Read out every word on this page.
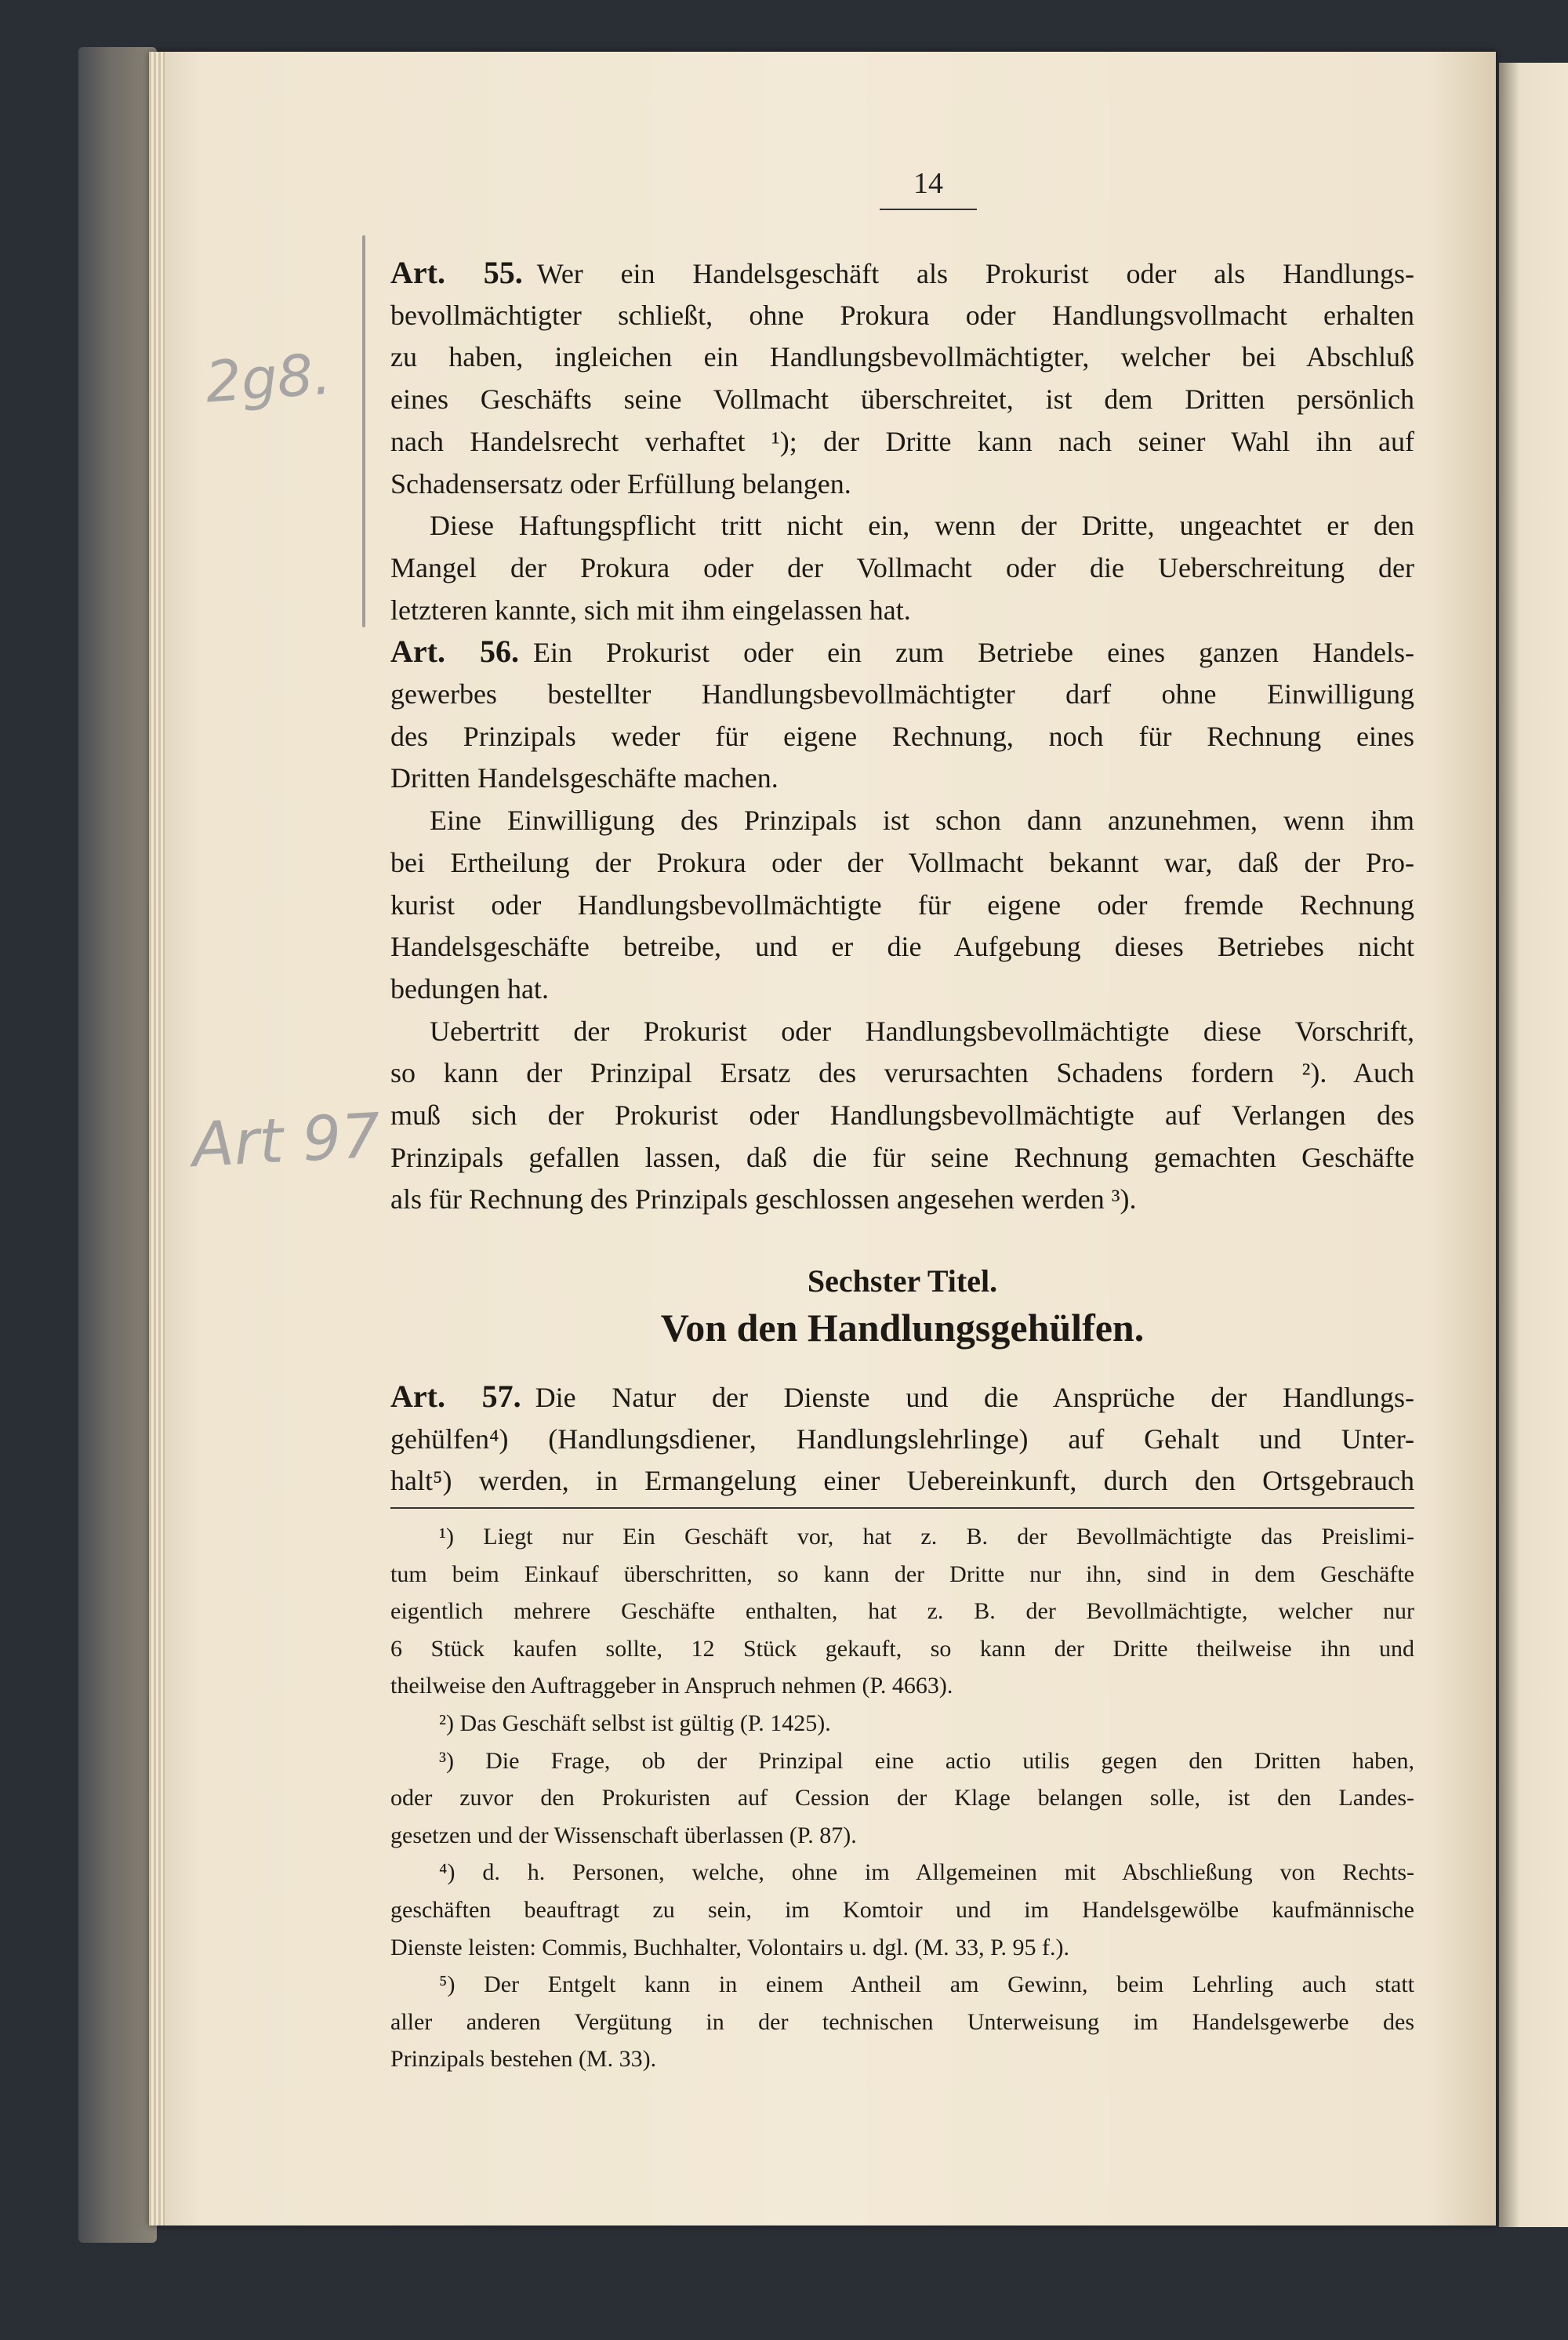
14
2g8.
Art 97
Art. 55. Wer ein Handelsgeschäft als Prokurist oder als Handlungs-
bevollmächtigter schließt, ohne Prokura oder Handlungsvollmacht erhalten
zu haben, ingleichen ein Handlungsbevollmächtigter, welcher bei Abschluß
eines Geschäfts seine Vollmacht überschreitet, ist dem Dritten persönlich
nach Handelsrecht verhaftet ¹); der Dritte kann nach seiner Wahl ihn auf
Schadensersatz oder Erfüllung belangen.
Diese Haftungspflicht tritt nicht ein, wenn der Dritte, ungeachtet er den
Mangel der Prokura oder der Vollmacht oder die Ueberschreitung der
letzteren kannte, sich mit ihm eingelassen hat.
Art. 56. Ein Prokurist oder ein zum Betriebe eines ganzen Handels-
gewerbes bestellter Handlungsbevollmächtigter darf ohne Einwilligung
des Prinzipals weder für eigene Rechnung, noch für Rechnung eines
Dritten Handelsgeschäfte machen.
Eine Einwilligung des Prinzipals ist schon dann anzunehmen, wenn ihm
bei Ertheilung der Prokura oder der Vollmacht bekannt war, daß der Pro-
kurist oder Handlungsbevollmächtigte für eigene oder fremde Rechnung
Handelsgeschäfte betreibe, und er die Aufgebung dieses Betriebes nicht
bedungen hat.
Uebertritt der Prokurist oder Handlungsbevollmächtigte diese Vorschrift,
so kann der Prinzipal Ersatz des verursachten Schadens fordern ²). Auch
muß sich der Prokurist oder Handlungsbevollmächtigte auf Verlangen des
Prinzipals gefallen lassen, daß die für seine Rechnung gemachten Geschäfte
als für Rechnung des Prinzipals geschlossen angesehen werden ³).
Sechster Titel.
Von den Handlungsgehülfen.
Art. 57. Die Natur der Dienste und die Ansprüche der Handlungs-
gehülfen⁴) (Handlungsdiener, Handlungslehrlinge) auf Gehalt und Unter-
halt⁵) werden, in Ermangelung einer Uebereinkunft, durch den Ortsgebrauch
¹) Liegt nur Ein Geschäft vor, hat z. B. der Bevollmächtigte das Preislimi-
tum beim Einkauf überschritten, so kann der Dritte nur ihn, sind in dem Geschäfte
eigentlich mehrere Geschäfte enthalten, hat z. B. der Bevollmächtigte, welcher nur
6 Stück kaufen sollte, 12 Stück gekauft, so kann der Dritte theilweise ihn und
theilweise den Auftraggeber in Anspruch nehmen (P. 4663).
²) Das Geschäft selbst ist gültig (P. 1425).
³) Die Frage, ob der Prinzipal eine actio utilis gegen den Dritten haben,
oder zuvor den Prokuristen auf Cession der Klage belangen solle, ist den Landes-
gesetzen und der Wissenschaft überlassen (P. 87).
⁴) d. h. Personen, welche, ohne im Allgemeinen mit Abschließung von Rechts-
geschäften beauftragt zu sein, im Komtoir und im Handelsgewölbe kaufmännische
Dienste leisten: Commis, Buchhalter, Volontairs u. dgl. (M. 33, P. 95 f.).
⁵) Der Entgelt kann in einem Antheil am Gewinn, beim Lehrling auch statt
aller anderen Vergütung in der technischen Unterweisung im Handelsgewerbe des
Prinzipals bestehen (M. 33).
